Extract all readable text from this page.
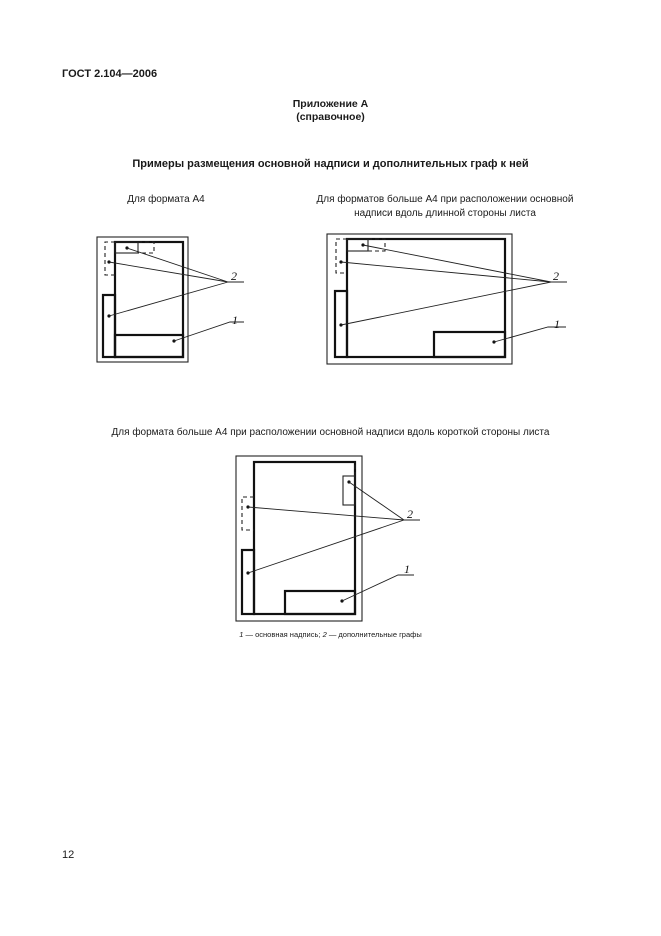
ГОСТ 2.104—2006
Приложение А
(справочное)
Примеры размещения основной надписи и дополнительных граф к ней
Для формата А4	Для форматов больше А4 при расположении основной надписи вдоль длинной стороны листа
2
1
2
1
Для формата больше А4 при расположении основной надписи вдоль короткой стороны листа
2
1
1 — основная надпись; 2 — дополнительные графы
12
